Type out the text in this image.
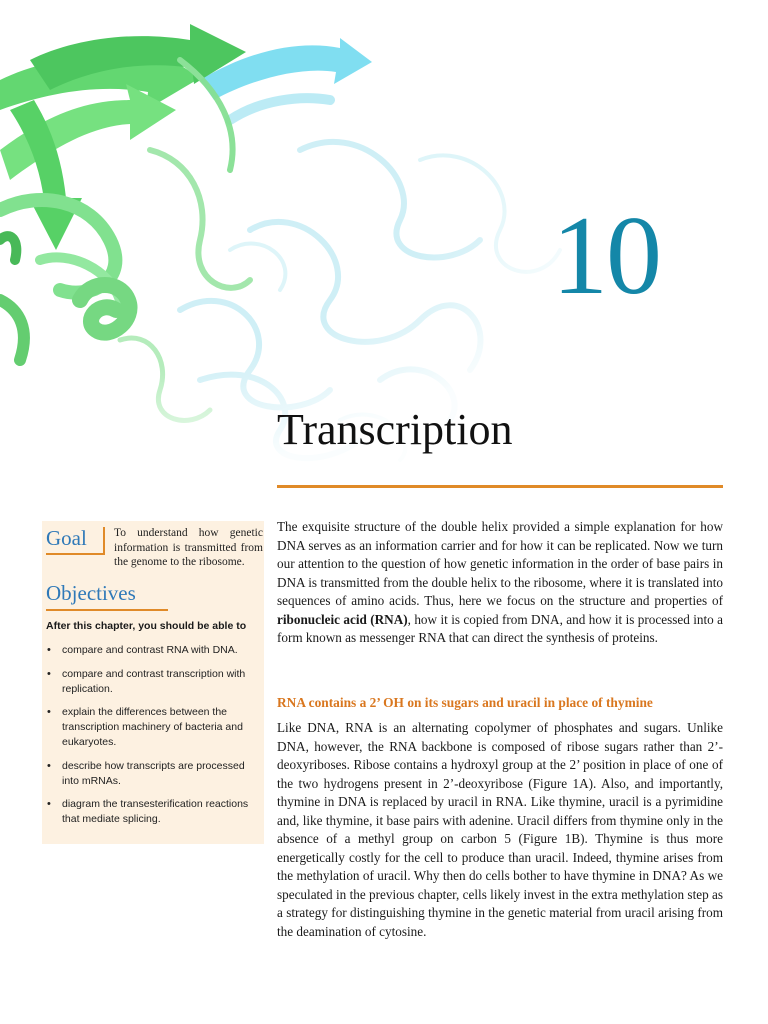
10
Transcription
Goal To understand how genetic information is transmitted from the genome to the ribosome.
Objectives
After this chapter, you should be able to
• compare and contrast RNA with DNA.
• compare and contrast transcription with replication.
• explain the differences between the transcription machinery of bacteria and eukaryotes.
• describe how transcripts are processed into mRNAs.
• diagram the transesterification reactions that mediate splicing.

The exquisite structure of the double helix provided a simple explanation for how DNA serves as an information carrier and for how it can be replicated. Now we turn our attention to the question of how genetic information in the order of base pairs in DNA is transmitted from the double helix to the ribosome, where it is translated into sequences of amino acids. Thus, here we focus on the structure and properties of ribonucleic acid (RNA), how it is copied from DNA, and how it is processed into a form known as messenger RNA that can direct the synthesis of proteins.

RNA contains a 2’ OH on its sugars and uracil in place of thymine

Like DNA, RNA is an alternating copolymer of phosphates and sugars. Unlike DNA, however, the RNA backbone is composed of ribose sugars rather than 2’-deoxyriboses. Ribose contains a hydroxyl group at the 2’ position in place of one of the two hydrogens present in 2’-deoxyribose (Figure 1A). Also, and importantly, thymine in DNA is replaced by uracil in RNA. Like thymine, uracil is a pyrimidine and, like thymine, it base pairs with adenine. Uracil differs from thymine only in the absence of a methyl group on carbon 5 (Figure 1B). Thymine is thus more energetically costly for the cell to produce than uracil. Indeed, thymine arises from the methylation of uracil. Why then do cells bother to have thymine in DNA? As we speculated in the previous chapter, cells likely invest in the extra methylation step as a strategy for distinguishing thymine in the genetic material from uracil arising from the deamination of cytosine.
